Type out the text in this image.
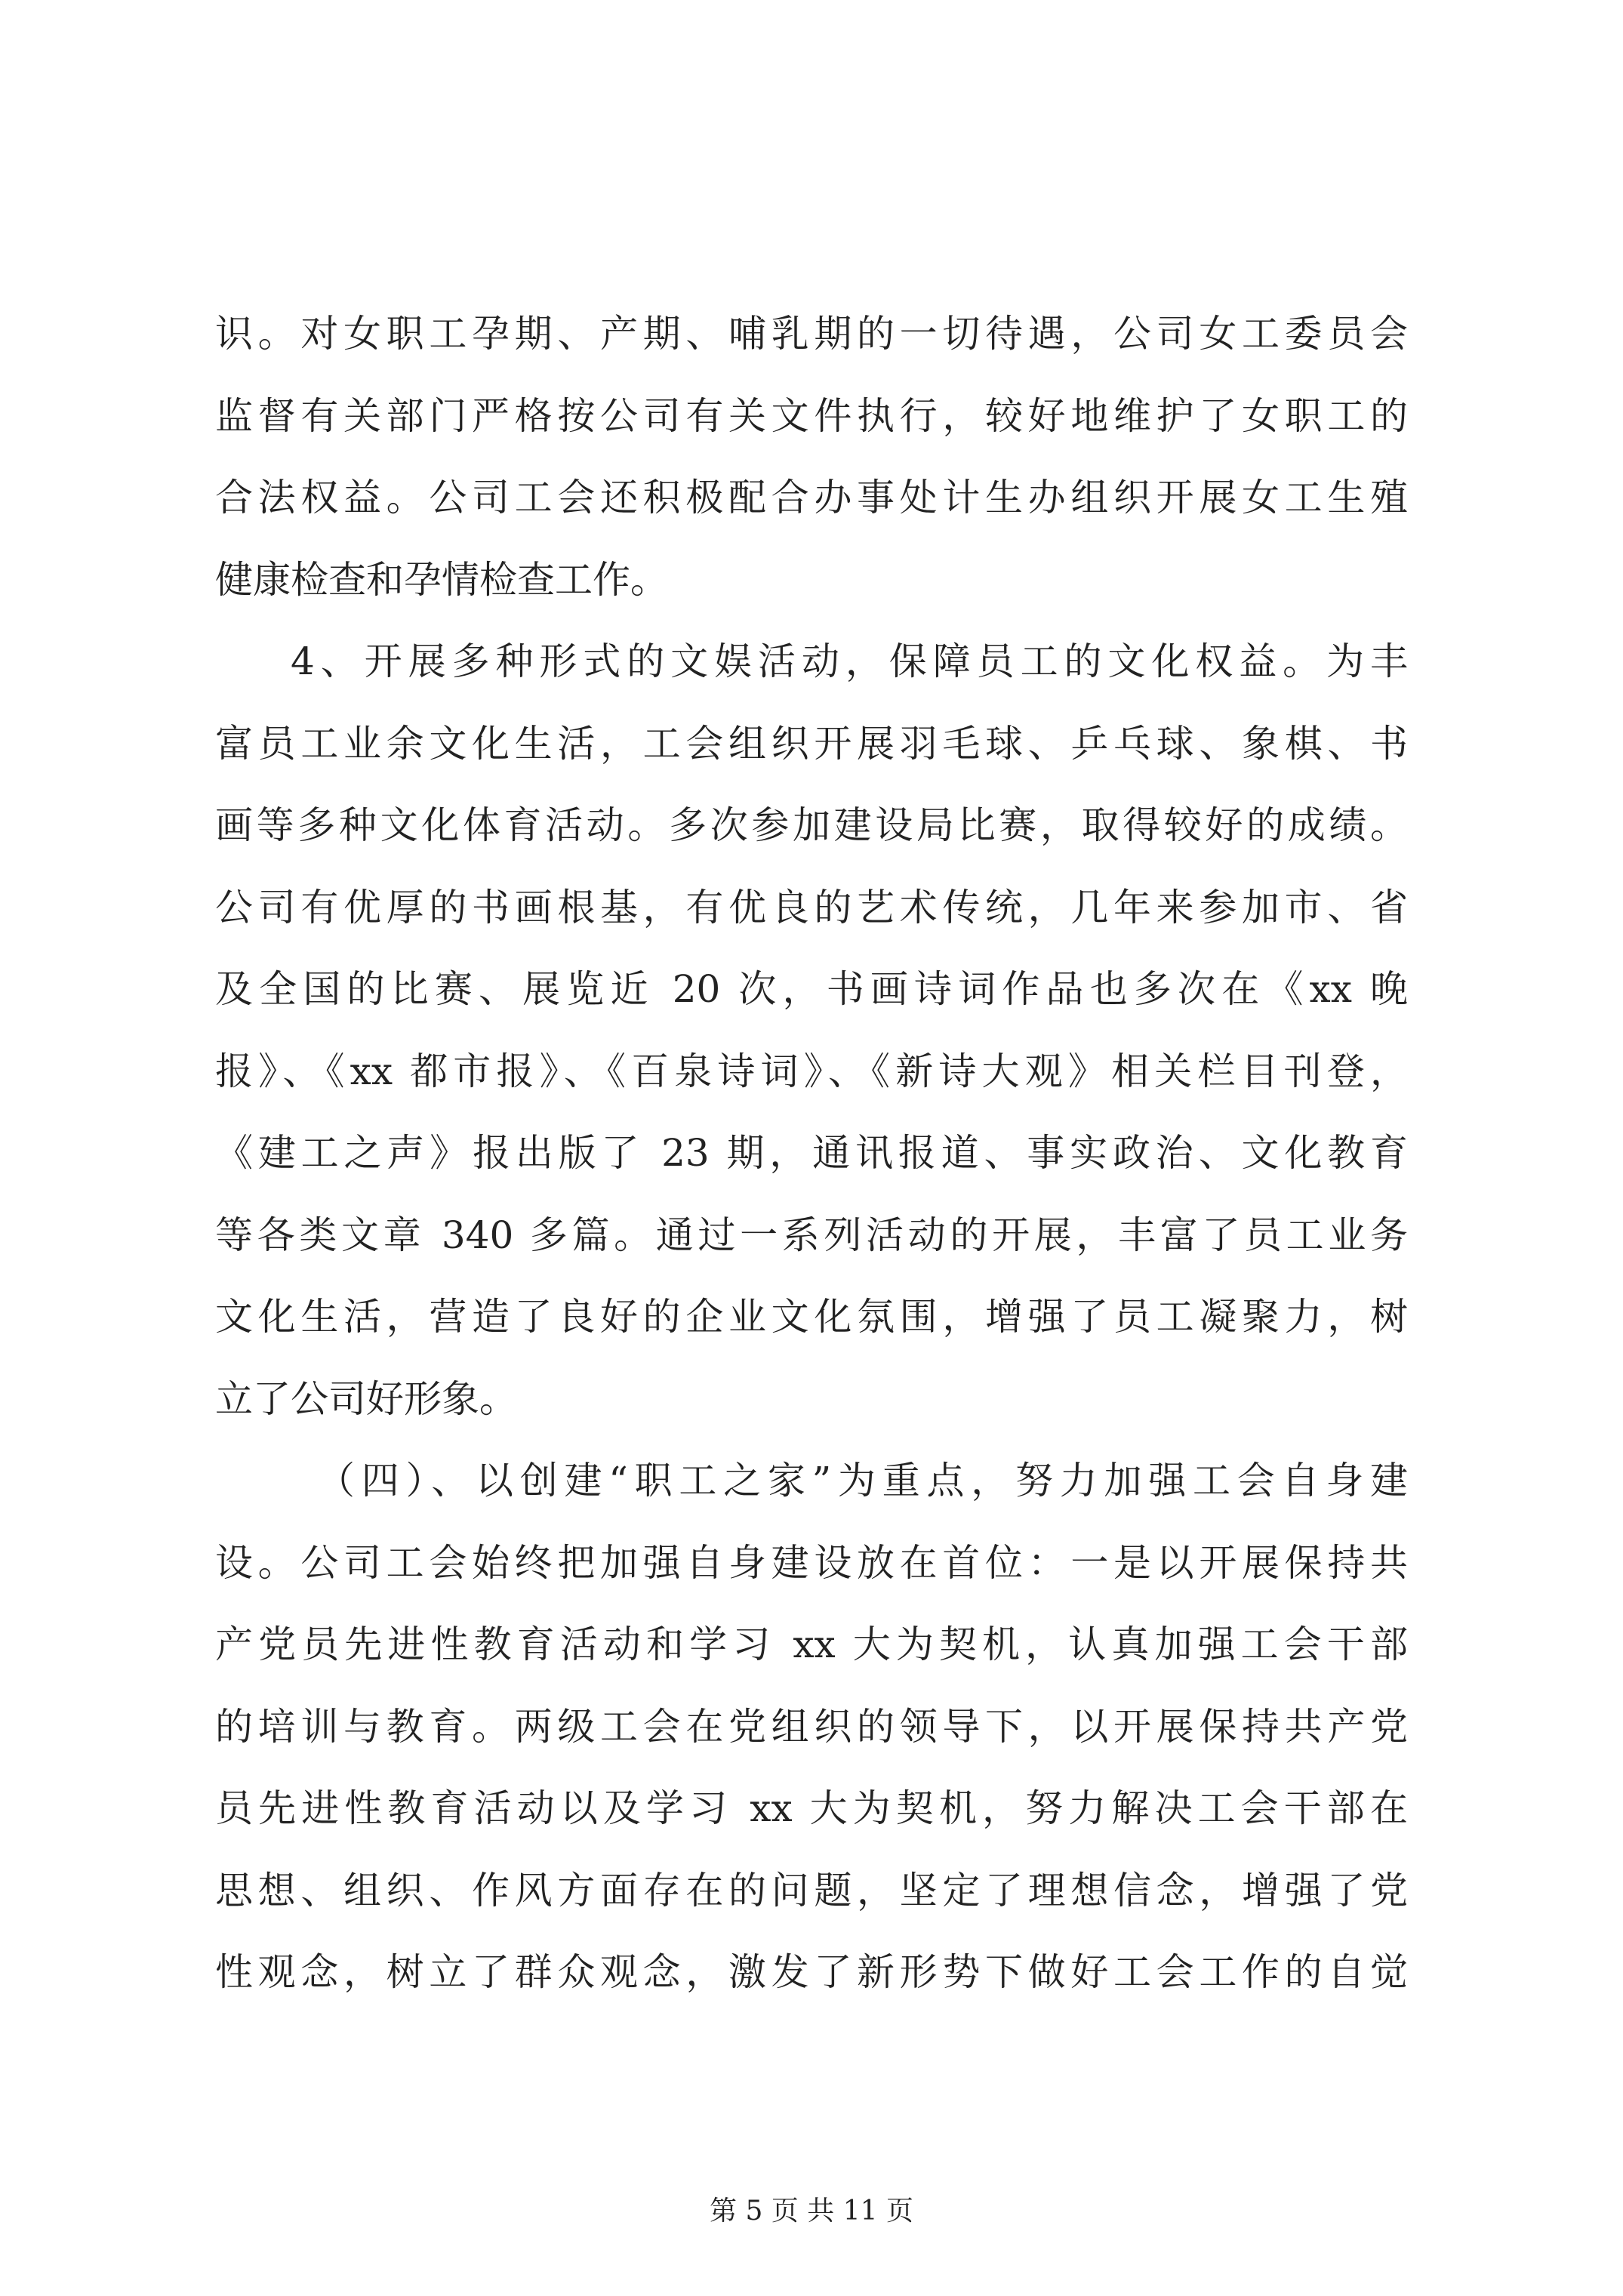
识。对女职工孕期、产期、哺乳期的一切待遇，公司女工委员会
监督有关部门严格按公司有关文件执行，较好地维护了女职工的
合法权益。公司工会还积极配合办事处计生办组织开展女工生殖
健康检查和孕情检查工作。
4、开展多种形式的文娱活动，保障员工的文化权益。为丰
富员工业余文化生活，工会组织开展羽毛球、乒乓球、象棋、书
画等多种文化体育活动。多次参加建设局比赛，取得较好的成绩。
公司有优厚的书画根基，有优良的艺术传统，几年来参加市、省
及全国的比赛、展览近 20 次，书画诗词作品也多次在《xx 晚
报》、《xx 都市报》、《百泉诗词》、《新诗大观》相关栏目刊登，
《建工之声》报出版了 23 期，通讯报道、事实政治、文化教育
等各类文章 340 多篇。通过一系列活动的开展，丰富了员工业务
文化生活，营造了良好的企业文化氛围，增强了员工凝聚力，树
立了公司好形象。
（四）、以创建“职工之家”为重点，努力加强工会自身建
设。公司工会始终把加强自身建设放在首位：一是以开展保持共
产党员先进性教育活动和学习 xx 大为契机，认真加强工会干部
的培训与教育。两级工会在党组织的领导下，以开展保持共产党
员先进性教育活动以及学习 xx 大为契机，努力解决工会干部在
思想、组织、作风方面存在的问题，坚定了理想信念，增强了党
性观念，树立了群众观念，激发了新形势下做好工会工作的自觉
第 5 页 共 11 页
